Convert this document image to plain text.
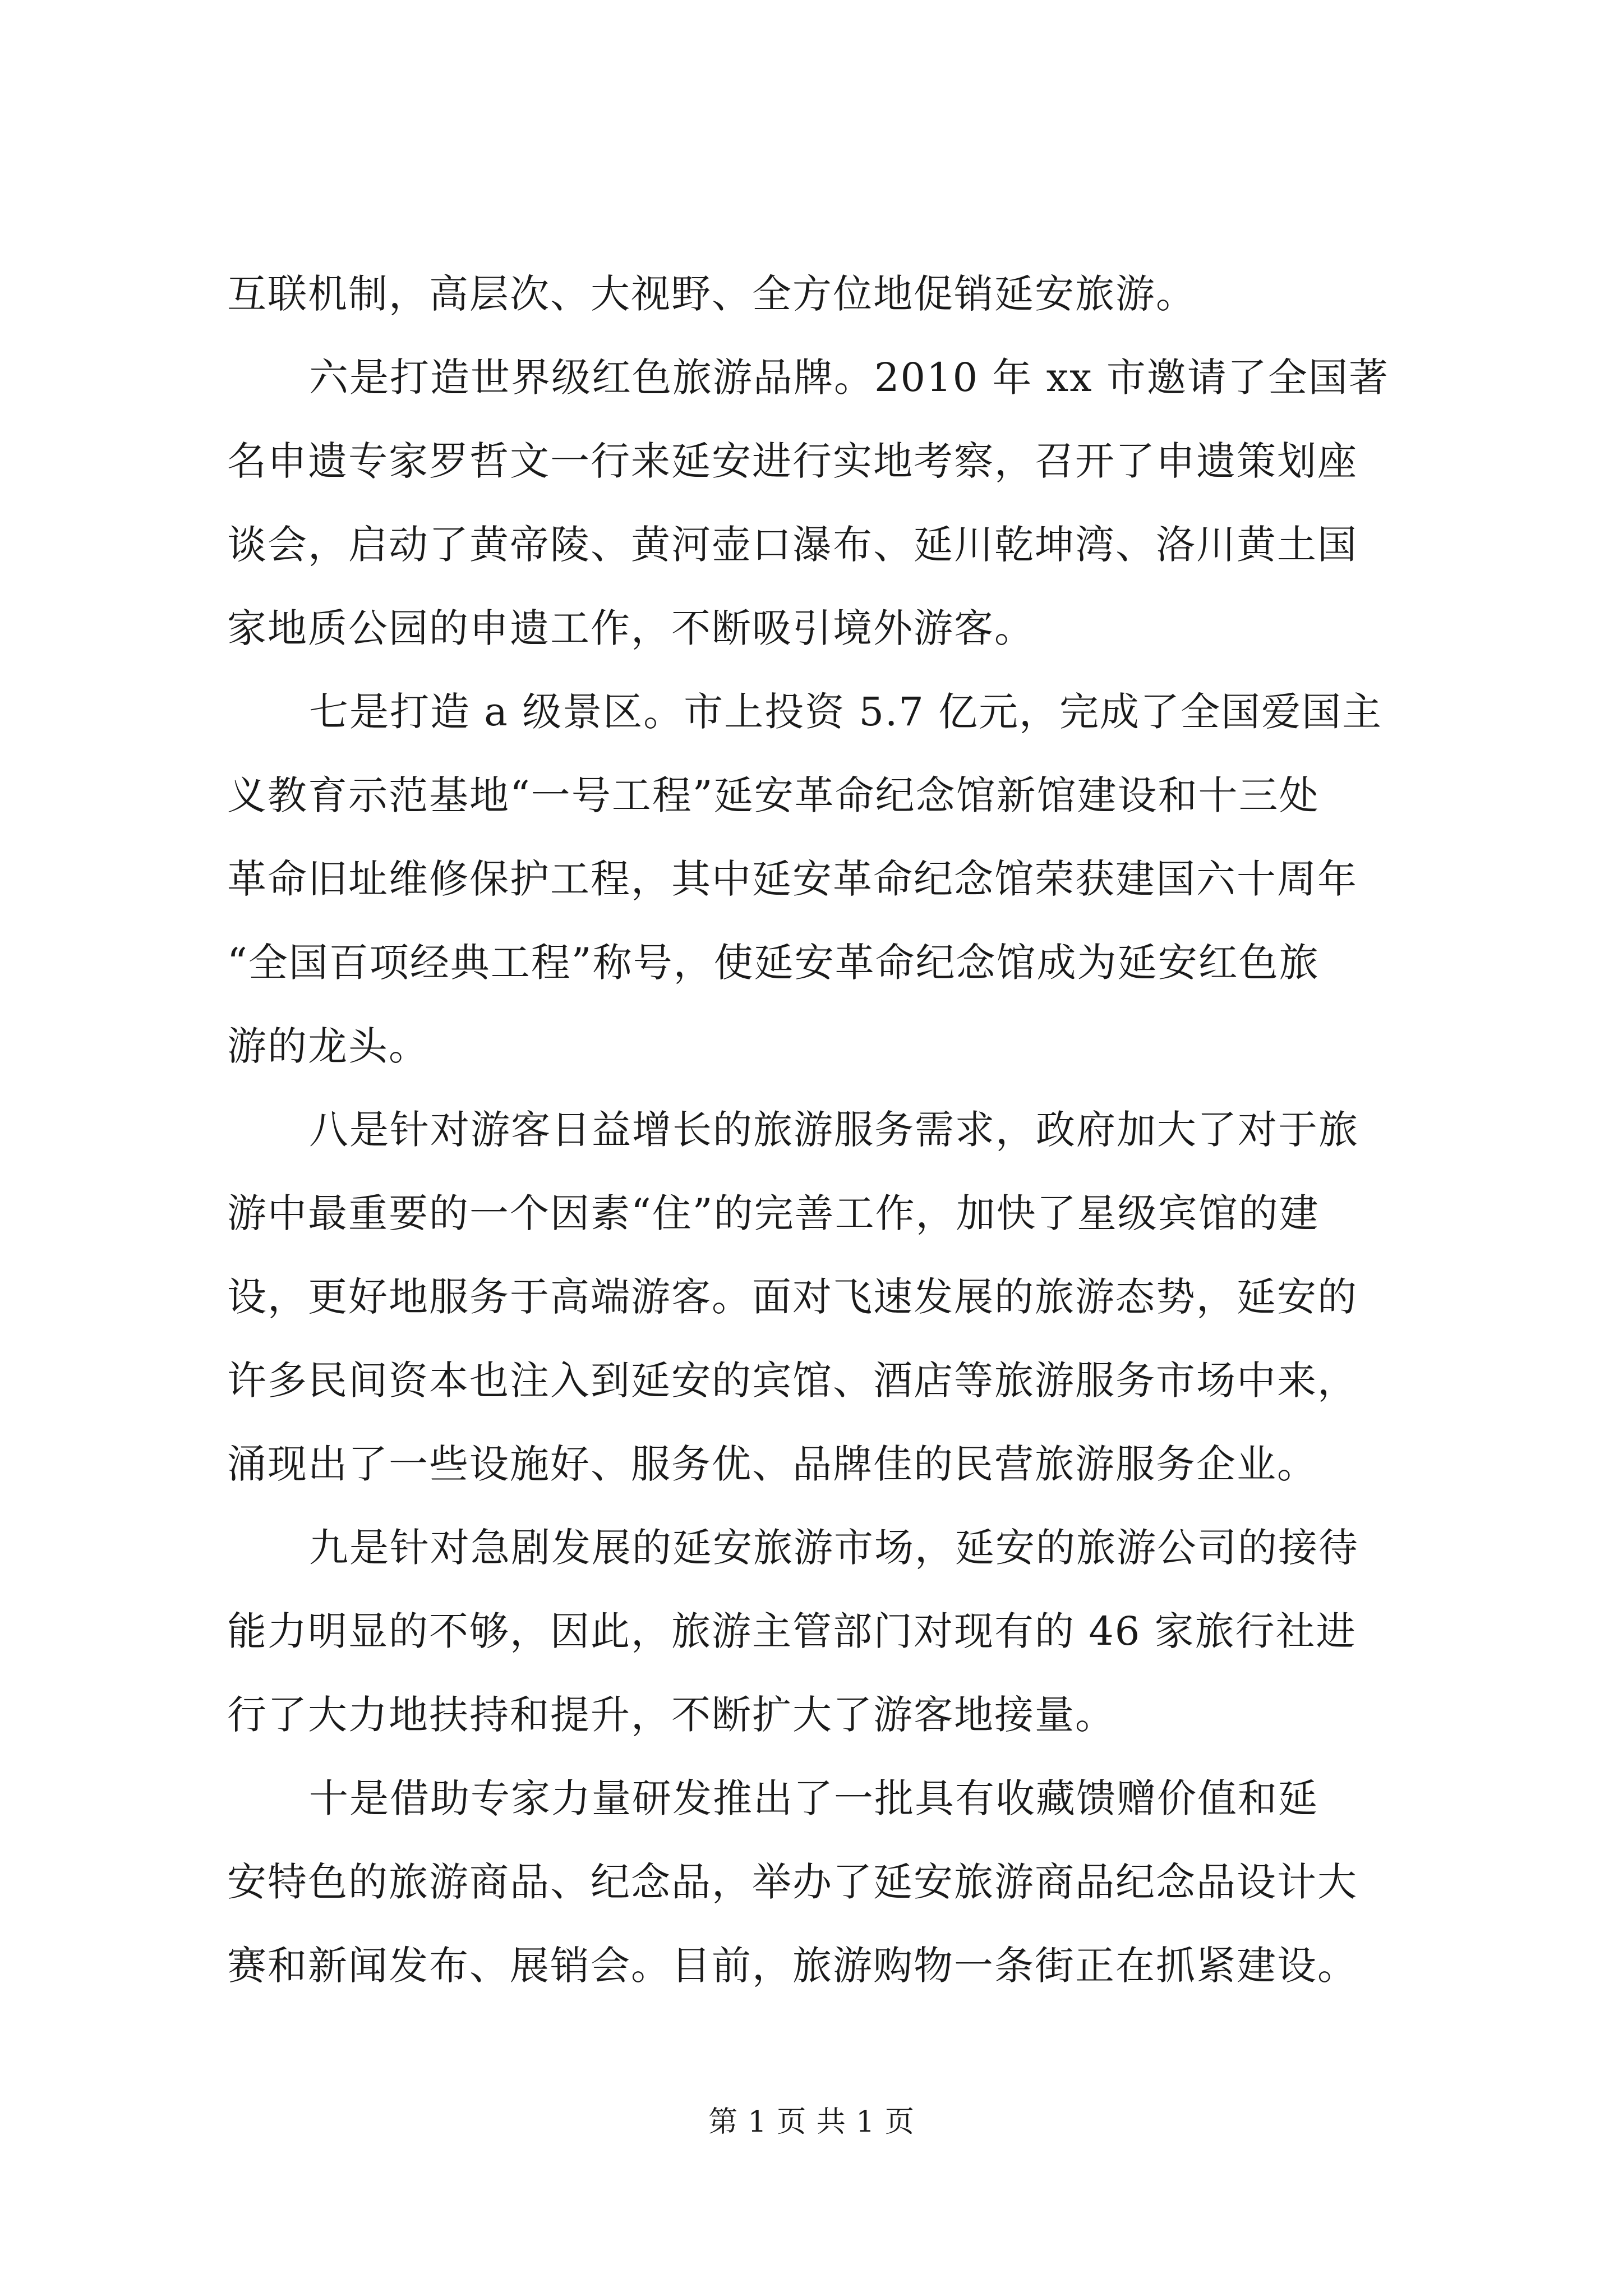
互联机制，高层次、大视野、全方位地促销延安旅游。
六是打造世界级红色旅游品牌。2010 年 xx 市邀请了全国著
名申遗专家罗哲文一行来延安进行实地考察，召开了申遗策划座
谈会，启动了黄帝陵、黄河壶口瀑布、延川乾坤湾、洛川黄土国
家地质公园的申遗工作，不断吸引境外游客。
七是打造 a 级景区。市上投资 5.7 亿元，完成了全国爱国主
义教育示范基地“一号工程”延安革命纪念馆新馆建设和十三处
革命旧址维修保护工程，其中延安革命纪念馆荣获建国六十周年
“全国百项经典工程”称号，使延安革命纪念馆成为延安红色旅
游的龙头。
八是针对游客日益增长的旅游服务需求，政府加大了对于旅
游中最重要的一个因素“住”的完善工作，加快了星级宾馆的建
设，更好地服务于高端游客。面对飞速发展的旅游态势，延安的
许多民间资本也注入到延安的宾馆、酒店等旅游服务市场中来，
涌现出了一些设施好、服务优、品牌佳的民营旅游服务企业。
九是针对急剧发展的延安旅游市场，延安的旅游公司的接待
能力明显的不够，因此，旅游主管部门对现有的 46 家旅行社进
行了大力地扶持和提升，不断扩大了游客地接量。
十是借助专家力量研发推出了一批具有收藏馈赠价值和延
安特色的旅游商品、纪念品，举办了延安旅游商品纪念品设计大
赛和新闻发布、展销会。目前，旅游购物一条街正在抓紧建设。
第 1 页 共 1 页
